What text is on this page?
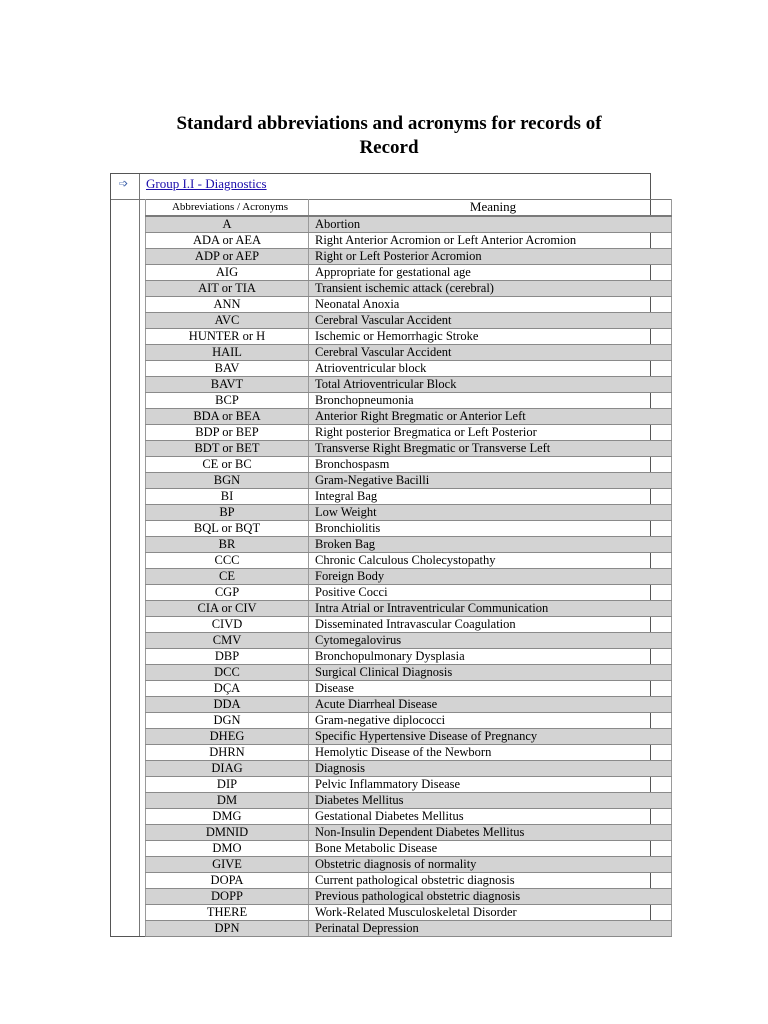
Standard abbreviations and acronyms for records of
Record
➩ Group I.I - Diagnostics
Abbreviations / Acronyms	Meaning
A	Abortion
ADA or AEA	Right Anterior Acromion or Left Anterior Acromion
ADP or AEP	Right or Left Posterior Acromion
AIG	Appropriate for gestational age
AIT or TIA	Transient ischemic attack (cerebral)
ANN	Neonatal Anoxia
AVC	Cerebral Vascular Accident
HUNTER or H	Ischemic or Hemorrhagic Stroke
HAIL	Cerebral Vascular Accident
BAV	Atrioventricular block
BAVT	Total Atrioventricular Block
BCP	Bronchopneumonia
BDA or BEA	Anterior Right Bregmatic or Anterior Left
BDP or BEP	Right posterior Bregmatica or Left Posterior
BDT or BET	Transverse Right Bregmatic or Transverse Left
CE or BC	Bronchospasm
BGN	Gram-Negative Bacilli
BI	Integral Bag
BP	Low Weight
BQL or BQT	Bronchiolitis
BR	Broken Bag
CCC	Chronic Calculous Cholecystopathy
CE	Foreign Body
CGP	Positive Cocci
CIA or CIV	Intra Atrial or Intraventricular Communication
CIVD	Disseminated Intravascular Coagulation
CMV	Cytomegalovirus
DBP	Bronchopulmonary Dysplasia
DCC	Surgical Clinical Diagnosis
DÇA	Disease
DDA	Acute Diarrheal Disease
DGN	Gram-negative diplococci
DHEG	Specific Hypertensive Disease of Pregnancy
DHRN	Hemolytic Disease of the Newborn
DIAG	Diagnosis
DIP	Pelvic Inflammatory Disease
DM	Diabetes Mellitus
DMG	Gestational Diabetes Mellitus
DMNID	Non-Insulin Dependent Diabetes Mellitus
DMO	Bone Metabolic Disease
GIVE	Obstetric diagnosis of normality
DOPA	Current pathological obstetric diagnosis
DOPP	Previous pathological obstetric diagnosis
THERE	Work-Related Musculoskeletal Disorder
DPN	Perinatal Depression
